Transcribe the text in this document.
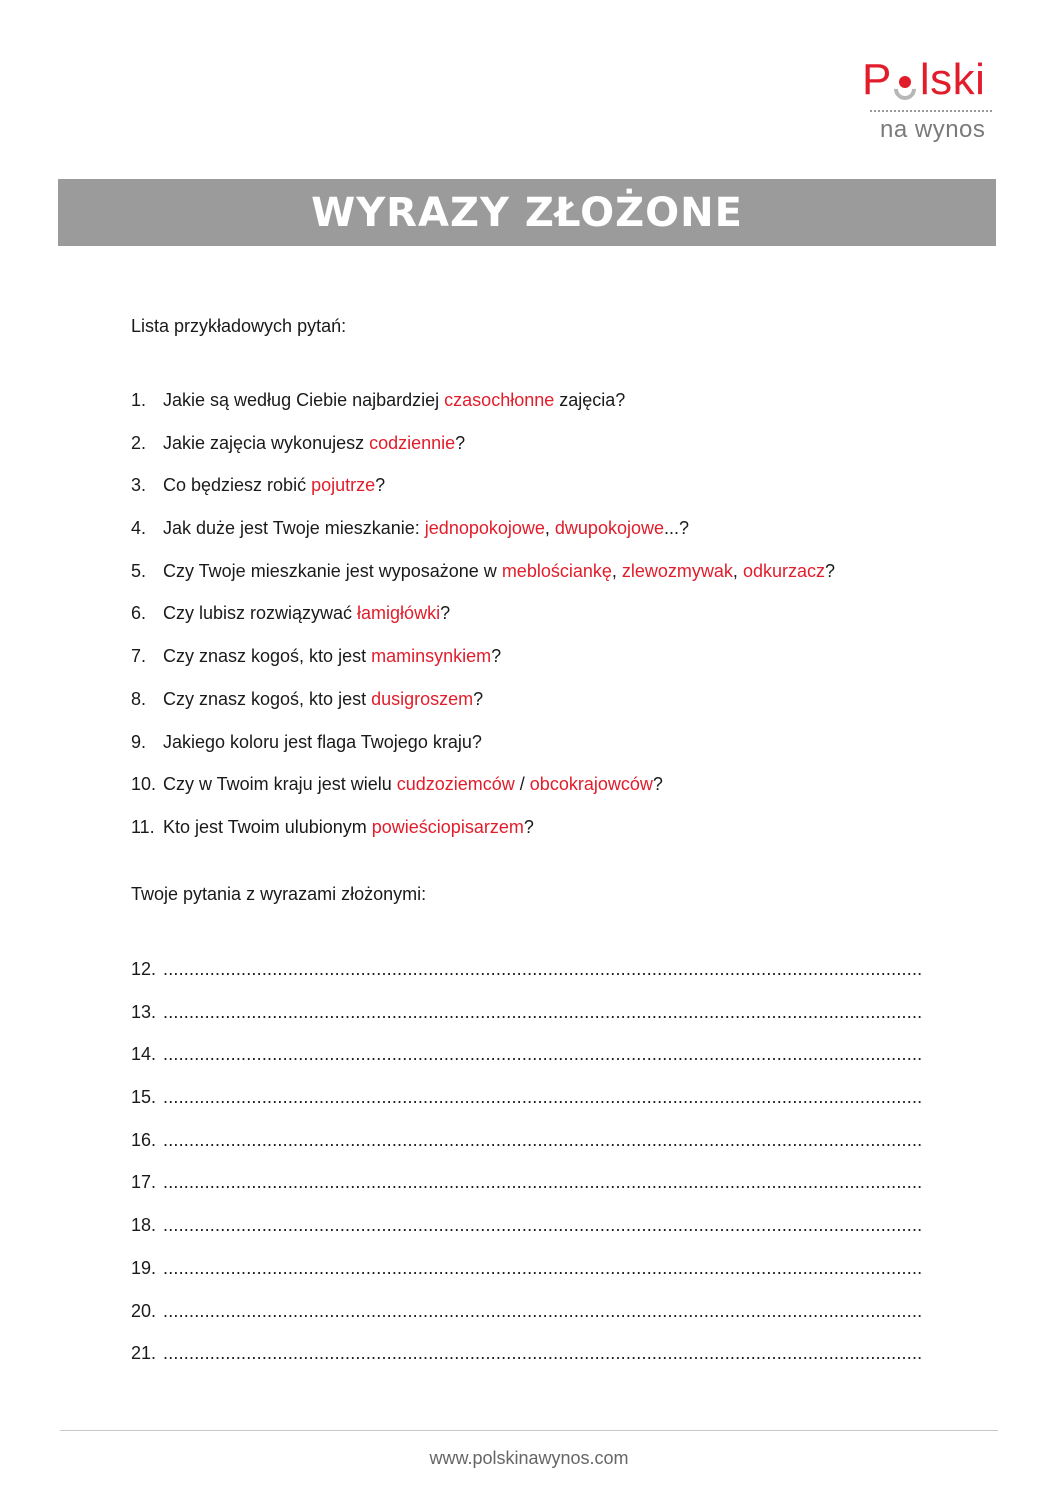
P lski
na wynos
WYRAZY ZŁOŻONE
Lista przykładowych pytań:
1. Jakie są według Ciebie najbardziej czasochłonne zajęcia?
2. Jakie zajęcia wykonujesz codziennie?
3. Co będziesz robić pojutrze?
4. Jak duże jest Twoje mieszkanie: jednopokojowe, dwupokojowe...?
5. Czy Twoje mieszkanie jest wyposażone w meblościankę, zlewozmywak, odkurzacz?
6. Czy lubisz rozwiązywać łamigłówki?
7. Czy znasz kogoś, kto jest maminsynkiem?
8. Czy znasz kogoś, kto jest dusigroszem?
9. Jakiego koloru jest flaga Twojego kraju?
10. Czy w Twoim kraju jest wielu cudzoziemców / obcokrajowców?
11. Kto jest Twoim ulubionym powieściopisarzem?
Twoje pytania z wyrazami złożonymi:
12. ..................................................................................................................................................
13. ..................................................................................................................................................
14. ..................................................................................................................................................
15. ..................................................................................................................................................
16. ..................................................................................................................................................
17. ..................................................................................................................................................
18. ..................................................................................................................................................
19. ..................................................................................................................................................
20. ..................................................................................................................................................
21. ..................................................................................................................................................
www.polskinawynos.com
